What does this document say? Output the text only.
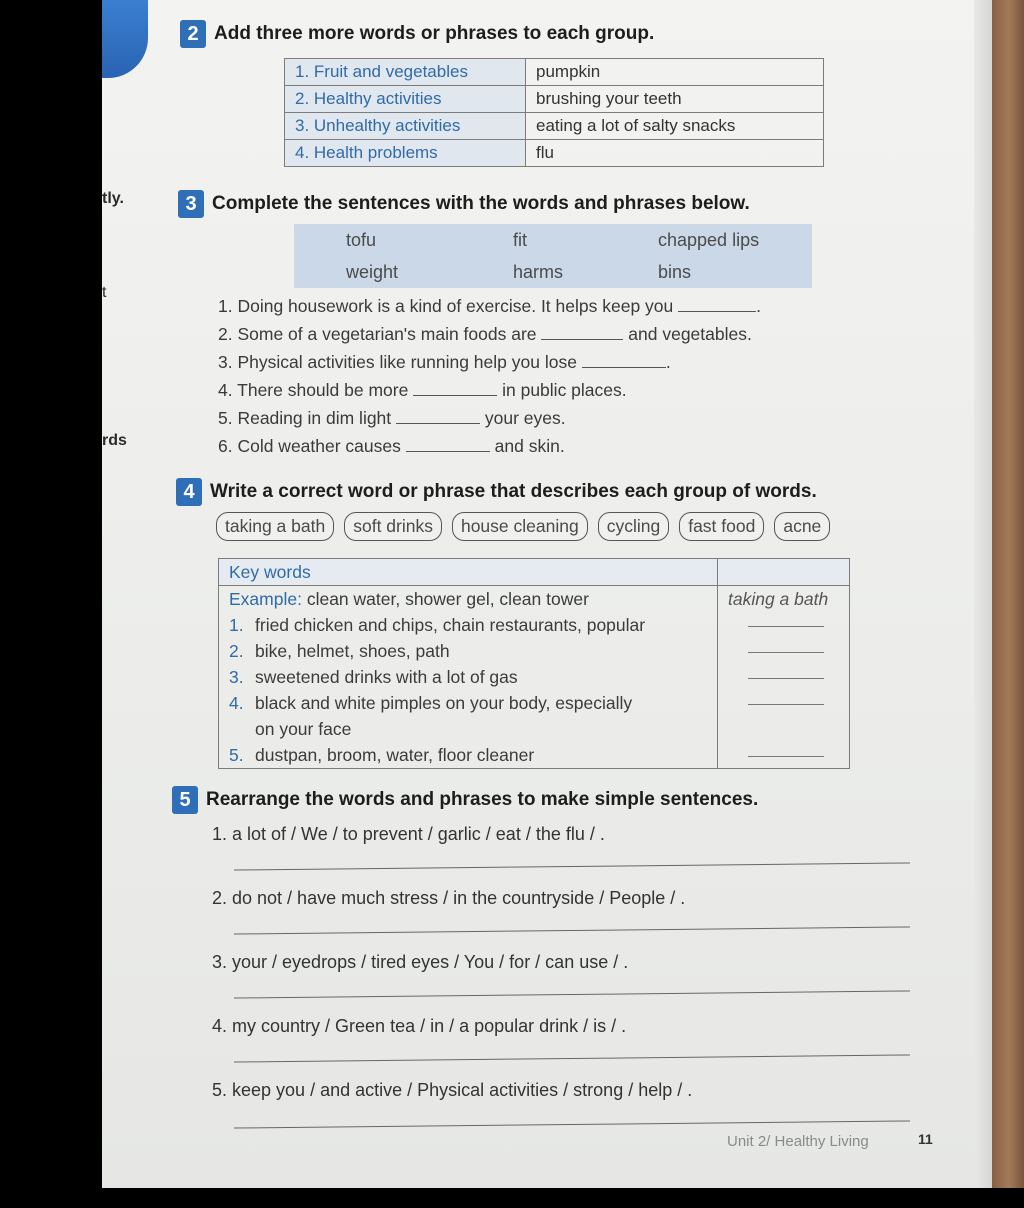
tly.
t
rds
2 Add three more words or phrases to each group.
1. Fruit and vegetables	pumpkin
2. Healthy activities	brushing your teeth
3. Unhealthy activities	eating a lot of salty snacks
4. Health problems	flu
3 Complete the sentences with the words and phrases below.
tofu	fit	chapped lips
weight	harms	bins
1. Doing housework is a kind of exercise. It helps keep you	.
2. Some of a vegetarian's main foods are	and vegetables.
3. Physical activities like running help you lose	.
4. There should be more	in public places.
5. Reading in dim light	your eyes.
6. Cold weather causes	and skin.
4 Write a correct word or phrase that describes each group of words.
taking a bath	soft drinks	house cleaning	cycling	fast food	acne
Key words	
Example: clean water, shower gel, clean tower	taking a bath
1. fried chicken and chips, chain restaurants, popular	

2. bike, helmet, shoes, path	

3. sweetened drinks with a lot of gas	

4. black and white pimples on your body, especially
on your face	

5. dustpan, broom, water, floor cleaner	
5 Rearrange the words and phrases to make simple sentences.
1. a lot of / We / to prevent / garlic / eat / the flu / .
2. do not / have much stress / in the countryside / People / .
3. your / eyedrops / tired eyes / You / for / can use / .
4. my country / Green tea / in / a popular drink / is / .
5. keep you / and active / Physical activities / strong / help / .
Unit 2/ Healthy Living	11
